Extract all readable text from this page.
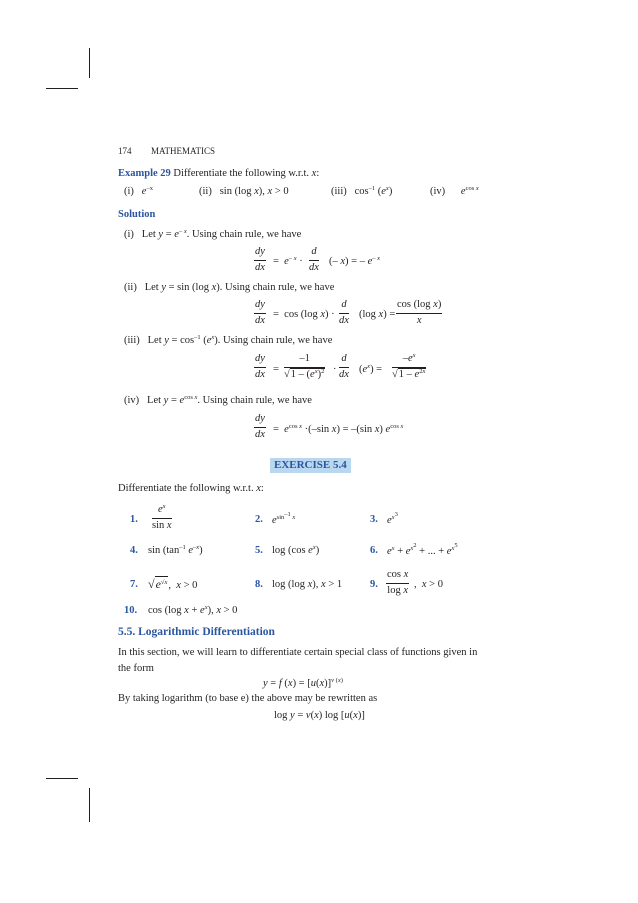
174 MATHEMATICS
Example 29 Differentiate the following w.r.t. x:
(i) $e^{-x}$	(ii) sin (log x), x > 0	(iii)   $\cos^{-1} (e^x)$	(iv) $e^{cos x}$
Solution
(i)   Let $y = e^{- x}$. Using chain rule, we have
$\frac{dy}{dx} = e^{- x} \cdot \frac{d}{dx}$ (– x) = – $e^{- x}$
(ii)   Let y = sin (log x). Using chain rule, we have
$\frac{dy}{dx} = \cos (\log$ $x) \cdot \frac{d}{dx} (\log$ $x) = \frac{\text{cos (log x)}}{x}$
(iii)   Let $y = \cos^{-1} (e^x)$. Using chain rule, we have
$\frac{dy}{dx} = \frac{-1}{√1 - (e^x)^2} \cdot \frac{d}{dx} (e^x) = \frac{-e^x}{√1 - e^{2x}}$
(iv)   Let $y = e^{cos x}$. Using chain rule, we have
$\frac{dy}{dx} = e^{cos x} \cdot(-\sin$ x) = –(sin x) $e^{cos x}$
EXERCISE 5.4
Differentiate the following w.r.t. x:
1. $\frac{e^x}{\text{sin x}}$	2. $e^{sin^{-1} x}$	3. $e^{x^3}$
4. $\sin (\tan^{-1}$ $e^{-x}$)	5. log (cos $e^x$)	6. $e^x + e^{x^2}$ + ... + $e^{x^5}$
7. $√e^{√x}$,  x > 0	8. log (log x), x > 1	9. $\frac{\text{cos x}}{\text{log x}}$ ,  x > 0
10. cos (log $x + e^x$), x > 0
5.5. Logarithmic Differentiation
In this section, we will learn to differentiate certain special class of functions given in
the form
y = f $(x) = [u(x)]^{v (x)}$
By taking logarithm (to base e) the above may be rewritten as
log y = v(x) log [u(x)]
